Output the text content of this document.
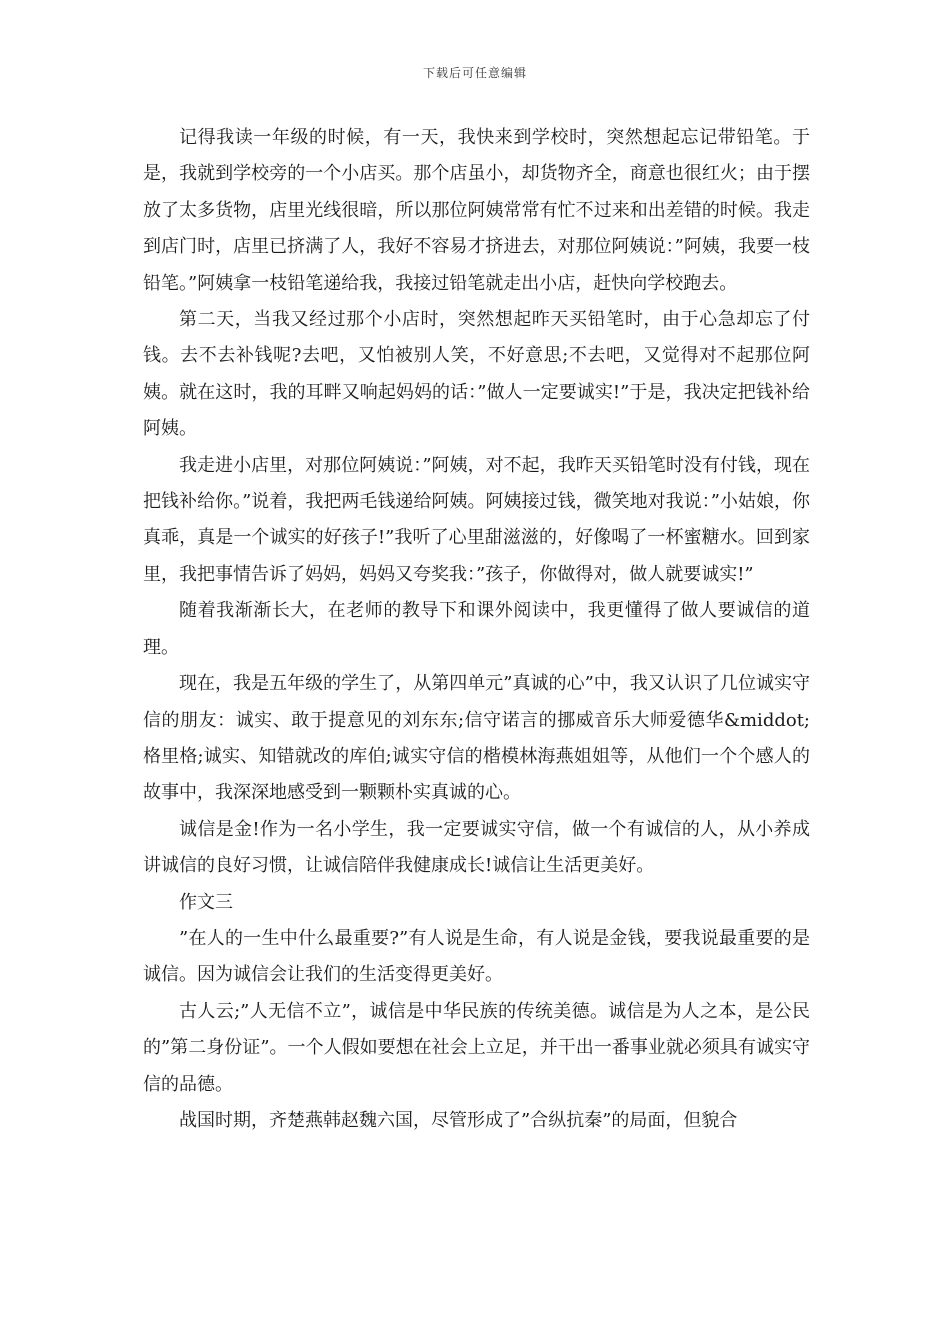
下载后可任意编辑

记得我读一年级的时候，有一天，我快来到学校时，突然想起忘记带铅笔。于是，我就到学校旁的一个小店买。那个店虽小，却货物齐全，商意也很红火；由于摆放了太多货物，店里光线很暗，所以那位阿姨常常有忙不过来和出差错的时候。我走到店门时，店里已挤满了人，我好不容易才挤进去，对那位阿姨说：”阿姨，我要一枝铅笔。”阿姨拿一枝铅笔递给我，我接过铅笔就走出小店，赶快向学校跑去。

第二天，当我又经过那个小店时，突然想起昨天买铅笔时，由于心急却忘了付钱。去不去补钱呢?去吧，又怕被别人笑，不好意思;不去吧，又觉得对不起那位阿姨。就在这时，我的耳畔又响起妈妈的话：”做人一定要诚实!”于是，我决定把钱补给阿姨。

我走进小店里，对那位阿姨说：”阿姨，对不起，我昨天买铅笔时没有付钱，现在把钱补给你。”说着，我把两毛钱递给阿姨。阿姨接过钱，微笑地对我说：”小姑娘，你真乖，真是一个诚实的好孩子!”我听了心里甜滋滋的，好像喝了一杯蜜糖水。回到家里，我把事情告诉了妈妈，妈妈又夸奖我：”孩子，你做得对，做人就要诚实!”

随着我渐渐长大，在老师的教导下和课外阅读中，我更懂得了做人要诚信的道理。

现在，我是五年级的学生了，从第四单元”真诚的心”中，我又认识了几位诚实守信的朋友：诚实、敢于提意见的刘东东;信守诺言的挪威音乐大师爱德华&middot;格里格;诚实、知错就改的库伯;诚实守信的楷模林海燕姐姐等，从他们一个个感人的故事中，我深深地感受到一颗颗朴实真诚的心。

诚信是金!作为一名小学生，我一定要诚实守信，做一个有诚信的人，从小养成讲诚信的良好习惯，让诚信陪伴我健康成长!诚信让生活更美好。

作文三

”在人的一生中什么最重要?”有人说是生命，有人说是金钱，要我说最重要的是诚信。因为诚信会让我们的生活变得更美好。

古人云;”人无信不立”，诚信是中华民族的传统美德。诚信是为人之本，是公民的”第二身份证”。一个人假如要想在社会上立足，并干出一番事业就必须具有诚实守信的品德。

战国时期，齐楚燕韩赵魏六国，尽管形成了”合纵抗秦”的局面，但貌合
